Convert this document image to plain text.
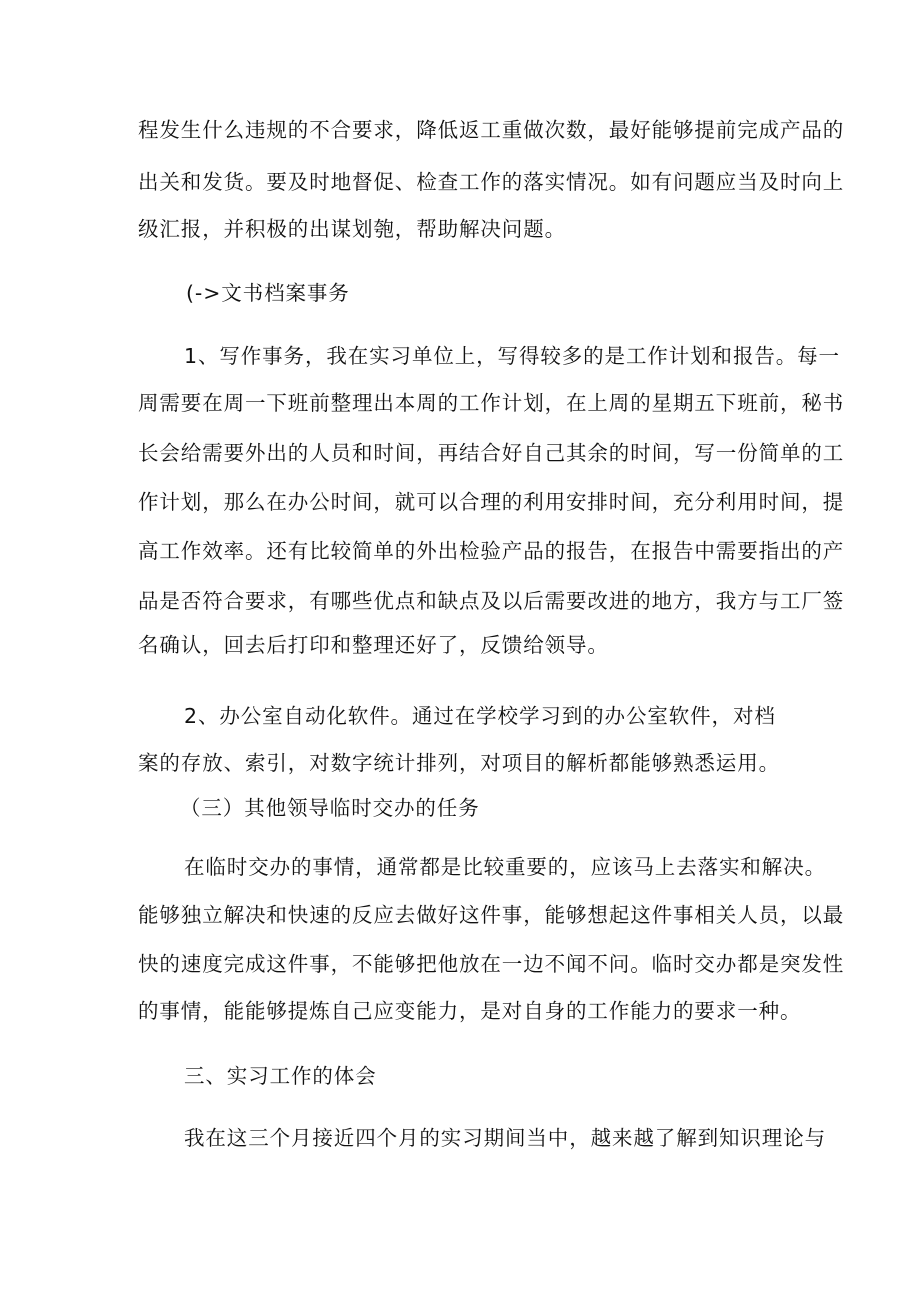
程发生什么违规的不合要求，降低返工重做次数，最好能够提前完成产品的
出关和发货。要及时地督促、检查工作的落实情况。如有问题应当及时向上
级汇报，并积极的出谋划匏，帮助解决问题。
(->文书档案事务
1、写作事务，我在实习单位上，写得较多的是工作计划和报告。每一
周需要在周一下班前整理出本周的工作计划，在上周的星期五下班前，秘书
长会给需要外出的人员和时间，再结合好自己其余的时间，写一份简单的工
作计划，那么在办公时间，就可以合理的利用安排时间，充分利用时间，提
高工作效率。还有比较简单的外出检验产品的报告，在报告中需要指出的产
品是否符合要求，有哪些优点和缺点及以后需要改进的地方，我方与工厂签
名确认，回去后打印和整理还好了，反馈给领导。
2、办公室自动化软件。通过在学校学习到的办公室软件，对档
案的存放、索引，对数字统计排列，对项目的解析都能够熟悉运用。
（三）其他领导临时交办的任务
在临时交办的事情，通常都是比较重要的，应该马上去落实和解决。
能够独立解决和快速的反应去做好这件事，能够想起这件事相关人员，以最
快的速度完成这件事，不能够把他放在一边不闻不问。临时交办都是突发性
的事情，能能够提炼自己应变能力，是对自身的工作能力的要求一种。
三、实习工作的体会
我在这三个月接近四个月的实习期间当中，越来越了解到知识理论与
